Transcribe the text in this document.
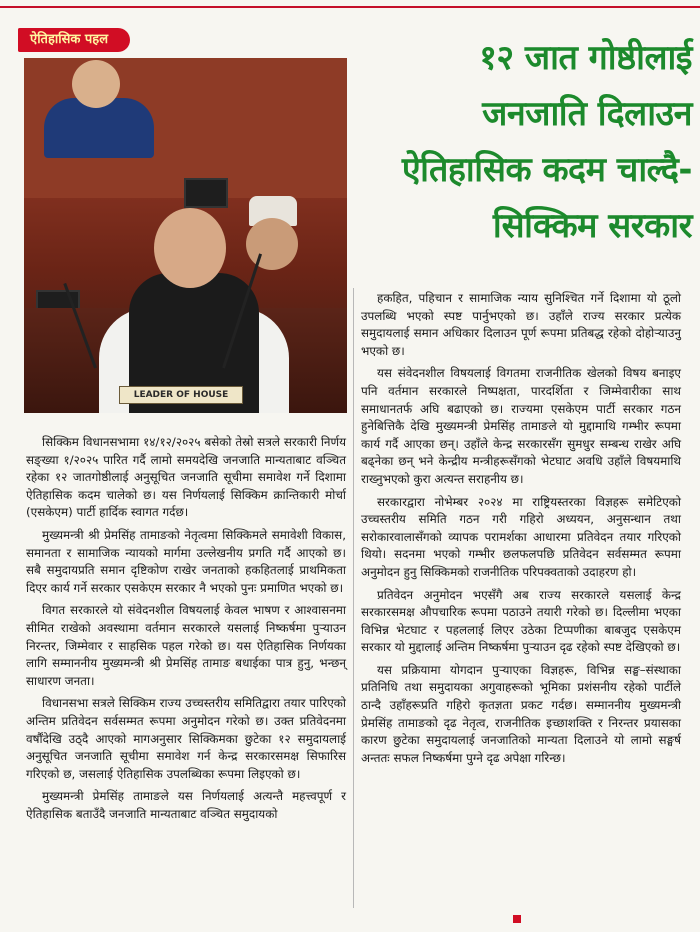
ऐतिहासिक पहल
LEADER OF HOUSE
१२ जात गोष्ठीलाई
जनजाति दिलाउन
ऐतिहासिक कदम चाल्दै-
सिक्किम सरकार

सिक्किम विधानसभामा १४/१२/२०२५ बसेको तेस्रो सत्रले सरकारी निर्णय सङ्ख्या १/२०२५ पारित गर्दै लामो समयदेखि जनजाति मान्यताबाट वञ्चित रहेका १२ जातगोष्ठीलाई अनुसूचित जनजाति सूचीमा समावेश गर्ने दिशामा ऐतिहासिक कदम चालेको छ। यस निर्णयलाई सिक्किम क्रान्तिकारी मोर्चा (एसकेएम) पार्टी हार्दिक स्वागत गर्दछ।

मुख्यमन्त्री श्री प्रेमसिंह तामाङको नेतृत्वमा सिक्किमले समावेशी विकास, समानता र सामाजिक न्यायको मार्गमा उल्लेखनीय प्रगति गर्दै आएको छ। सबै समुदायप्रति समान दृष्टिकोण राखेर जनताको हकहितलाई प्राथमिकता दिएर कार्य गर्ने सरकार एसकेएम सरकार नै भएको पुनः प्रमाणित भएको छ।

विगत सरकारले यो संवेदनशील विषयलाई केवल भाषण र आश्वासनमा सीमित राखेको अवस्थामा वर्तमान सरकारले यसलाई निष्कर्षमा पुऱ्याउन निरन्तर, जिम्मेवार र साहसिक पहल गरेको छ। यस ऐतिहासिक निर्णयका लागि सम्माननीय मुख्यमन्त्री श्री प्रेमसिंह तामाङ बधाईका पात्र हुनु, भन्छन् साधारण जनता।

विधानसभा सत्रले सिक्किम राज्य उच्चस्तरीय समितिद्वारा तयार पारिएको अन्तिम प्रतिवेदन सर्वसम्मत रूपमा अनुमोदन गरेको छ। उक्त प्रतिवेदनमा वर्षौंदेखि उठ्दै आएको मागअनुसार सिक्किमका छुटेका १२ समुदायलाई अनुसूचित जनजाति सूचीमा समावेश गर्न केन्द्र सरकारसमक्ष सिफारिस गरिएको छ, जसलाई ऐतिहासिक उपलब्धिका रूपमा लिइएको छ।

मुख्यमन्त्री प्रेमसिंह तामाङले यस निर्णयलाई अत्यन्तै महत्त्वपूर्ण र ऐतिहासिक बताउँदै जनजाति मान्यताबाट वञ्चित समुदायको

हकहित, पहिचान र सामाजिक न्याय सुनिश्चित गर्ने दिशामा यो ठूलो उपलब्धि भएको स्पष्ट पार्नुभएको छ। उहाँले राज्य सरकार प्रत्येक समुदायलाई समान अधिकार दिलाउन पूर्ण रूपमा प्रतिबद्ध रहेको दोहोऱ्याउनु भएको छ।

यस संवेदनशील विषयलाई विगतमा राजनीतिक खेलको विषय बनाइए पनि वर्तमान सरकारले निष्पक्षता, पारदर्शिता र जिम्मेवारीका साथ समाधानतर्फ अघि बढाएको छ। राज्यमा एसकेएम पार्टी सरकार गठन हुनेबित्तिकै देखि मुख्यमन्त्री प्रेमसिंह तामाङले यो मुद्दामाथि गम्भीर रूपमा कार्य गर्दै आएका छन्। उहाँले केन्द्र सरकारसँग सुमधुर सम्बन्ध राखेर अघि बढ्नेका छन् भने केन्द्रीय मन्त्रीहरूसँगको भेटघाट अवधि उहाँले विषयमाथि राख्नुभएको कुरा अत्यन्त सराहनीय छ।

सरकारद्वारा नोभेम्बर २०२४ मा राष्ट्रियस्तरका विज्ञहरू समेटिएको उच्चस्तरीय समिति गठन गरी गहिरो अध्ययन, अनुसन्धान तथा सरोकारवालासँगको व्यापक परामर्शका आधारमा प्रतिवेदन तयार गरिएको थियो। सदनमा भएको गम्भीर छलफलपछि प्रतिवेदन सर्वसम्मत रूपमा अनुमोदन हुनु सिक्किमको राजनीतिक परिपक्वताको उदाहरण हो।

प्रतिवेदन अनुमोदन भएसँगै अब राज्य सरकारले यसलाई केन्द्र सरकारसमक्ष औपचारिक रूपमा पठाउने तयारी गरेको छ। दिल्लीमा भएका विभिन्न भेटघाट र पहललाई लिएर उठेका टिप्पणीका बाबजुद एसकेएम सरकार यो मुद्दालाई अन्तिम निष्कर्षमा पुऱ्याउन दृढ रहेको स्पष्ट देखिएको छ।

यस प्रक्रियामा योगदान पुऱ्याएका विज्ञहरू, विभिन्न सङ्घ–संस्थाका प्रतिनिधि तथा समुदायका अगुवाहरूको भूमिका प्रशंसनीय रहेको पार्टीले ठान्दै उहाँहरूप्रति गहिरो कृतज्ञता प्रकट गर्दछ। सम्माननीय मुख्यमन्त्री प्रेमसिंह तामाङको दृढ नेतृत्व, राजनीतिक इच्छाशक्ति र निरन्तर प्रयासका कारण छुटेका समुदायलाई जनजातिको मान्यता दिलाउने यो लामो सङ्घर्ष अन्ततः सफल निष्कर्षमा पुग्ने दृढ अपेक्षा गरिन्छ।
